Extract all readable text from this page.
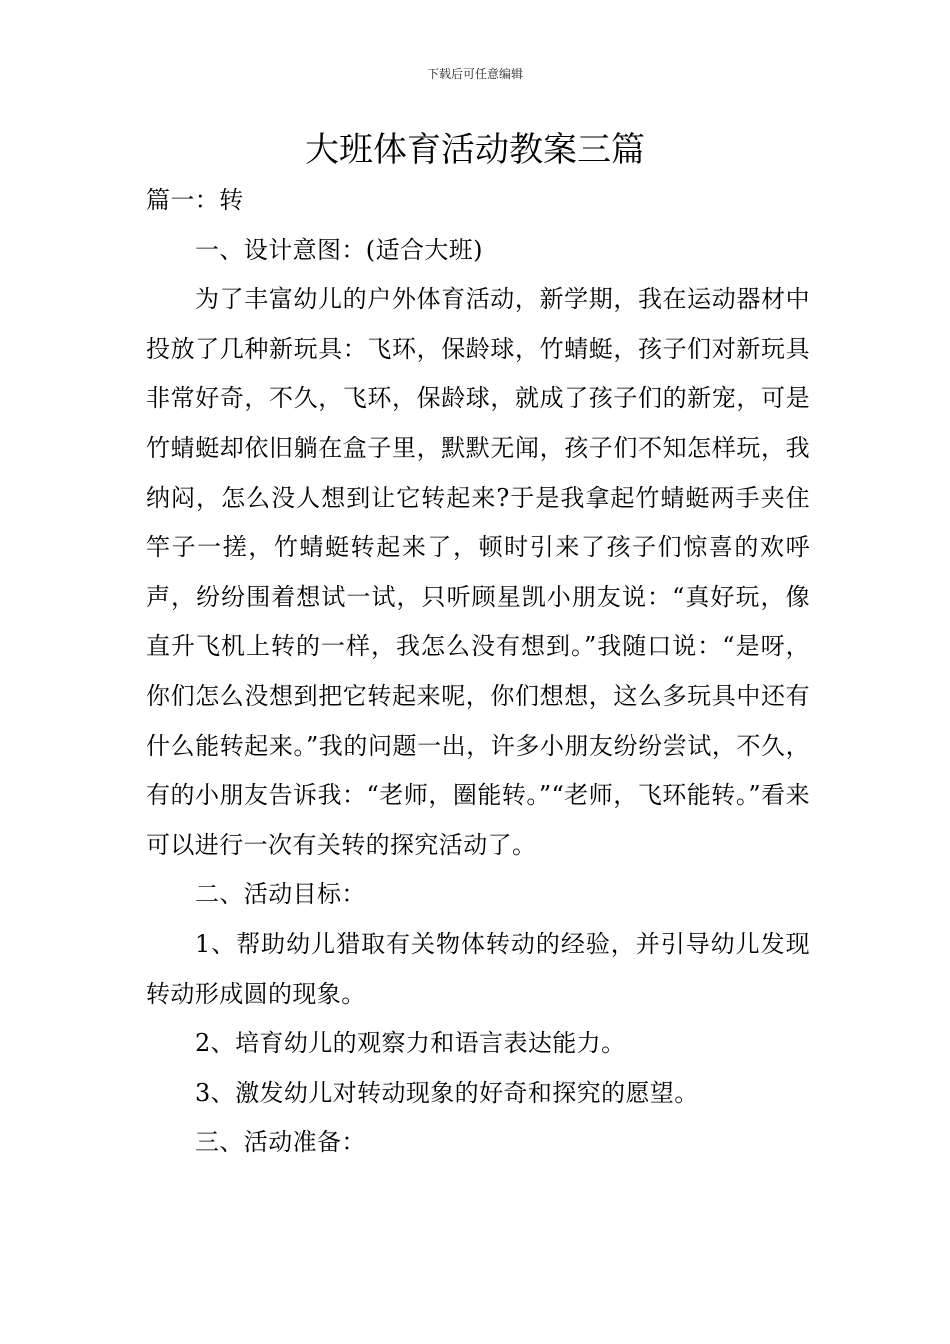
下载后可任意编辑
大班体育活动教案三篇

篇一：转

一、设计意图：(适合大班)

为了丰富幼儿的户外体育活动，新学期，我在运动器材中投放了几种新玩具：飞环，保龄球，竹蜻蜓，孩子们对新玩具非常好奇，不久，飞环，保龄球，就成了孩子们的新宠，可是竹蜻蜓却依旧躺在盒子里，默默无闻，孩子们不知怎样玩，我纳闷，怎么没人想到让它转起来?于是我拿起竹蜻蜓两手夹住竿子一搓，竹蜻蜓转起来了，顿时引来了孩子们惊喜的欢呼声，纷纷围着想试一试，只听顾星凯小朋友说：“真好玩，像直升飞机上转的一样，我怎么没有想到。”我随口说：“是呀，你们怎么没想到把它转起来呢，你们想想，这么多玩具中还有什么能转起来。”我的问题一出，许多小朋友纷纷尝试，不久，有的小朋友告诉我：“老师，圈能转。”“老师，飞环能转。”看来可以进行一次有关转的探究活动了。

二、活动目标：

1、帮助幼儿猎取有关物体转动的经验，并引导幼儿发现转动形成圆的现象。

2、培育幼儿的观察力和语言表达能力。

3、激发幼儿对转动现象的好奇和探究的愿望。

三、活动准备：
